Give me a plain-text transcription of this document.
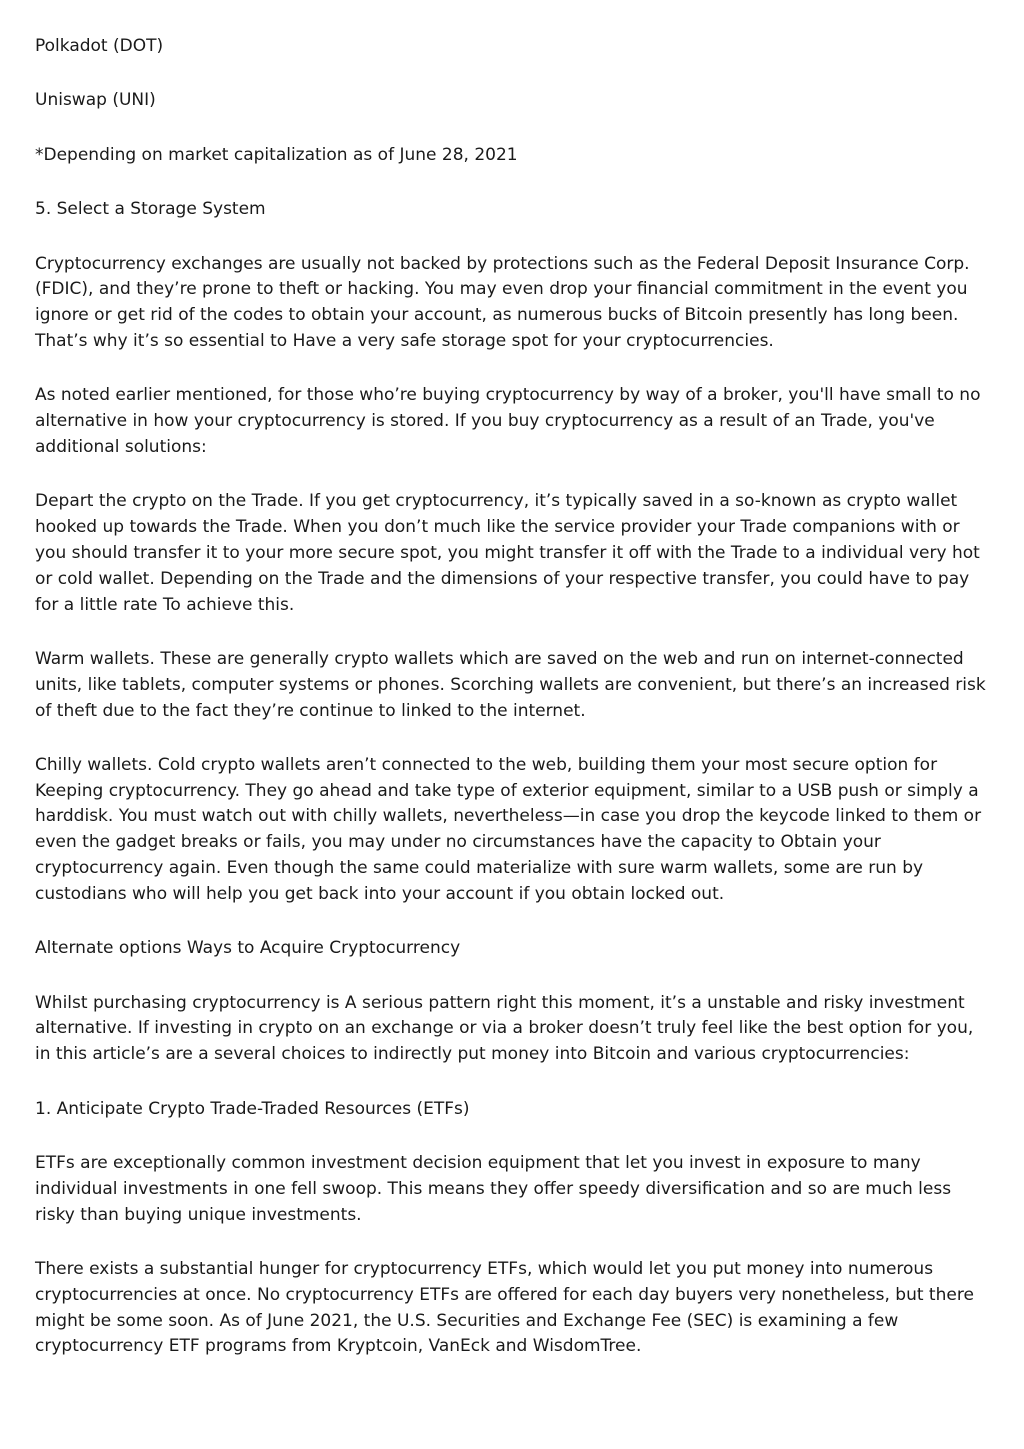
Polkadot (DOT)

Uniswap (UNI)

*Depending on market capitalization as of June 28, 2021

5. Select a Storage System

Cryptocurrency exchanges are usually not backed by protections such as the Federal Deposit Insurance Corp. (FDIC), and they’re prone to theft or hacking. You may even drop your financial commitment in the event you ignore or get rid of the codes to obtain your account, as numerous bucks of Bitcoin presently has long been. That’s why it’s so essential to Have a very safe storage spot for your cryptocurrencies.

As noted earlier mentioned, for those who’re buying cryptocurrency by way of a broker, you'll have small to no alternative in how your cryptocurrency is stored. If you buy cryptocurrency as a result of an Trade, you've additional solutions:

Depart the crypto on the Trade. If you get cryptocurrency, it’s typically saved in a so-known as crypto wallet hooked up towards the Trade. When you don’t much like the service provider your Trade companions with or you should transfer it to your more secure spot, you might transfer it off with the Trade to a individual very hot or cold wallet. Depending on the Trade and the dimensions of your respective transfer, you could have to pay for a little rate To achieve this.

Warm wallets. These are generally crypto wallets which are saved on the web and run on internet-connected units, like tablets, computer systems or phones. Scorching wallets are convenient, but there’s an increased risk of theft due to the fact they’re continue to linked to the internet.

Chilly wallets. Cold crypto wallets aren’t connected to the web, building them your most secure option for Keeping cryptocurrency. They go ahead and take type of exterior equipment, similar to a USB push or simply a harddisk. You must watch out with chilly wallets, nevertheless—in case you drop the keycode linked to them or even the gadget breaks or fails, you may under no circumstances have the capacity to Obtain your cryptocurrency again. Even though the same could materialize with sure warm wallets, some are run by custodians who will help you get back into your account if you obtain locked out.

Alternate options Ways to Acquire Cryptocurrency

Whilst purchasing cryptocurrency is A serious pattern right this moment, it’s a unstable and risky investment alternative. If investing in crypto on an exchange or via a broker doesn’t truly feel like the best option for you, in this article’s are a several choices to indirectly put money into Bitcoin and various cryptocurrencies:

1. Anticipate Crypto Trade-Traded Resources (ETFs)

ETFs are exceptionally common investment decision equipment that let you invest in exposure to many individual investments in one fell swoop. This means they offer speedy diversification and so are much less risky than buying unique investments.

There exists a substantial hunger for cryptocurrency ETFs, which would let you put money into numerous cryptocurrencies at once. No cryptocurrency ETFs are offered for each day buyers very nonetheless, but there might be some soon. As of June 2021, the U.S. Securities and Exchange Fee (SEC) is examining a few cryptocurrency ETF programs from Kryptcoin, VanEck and WisdomTree.
